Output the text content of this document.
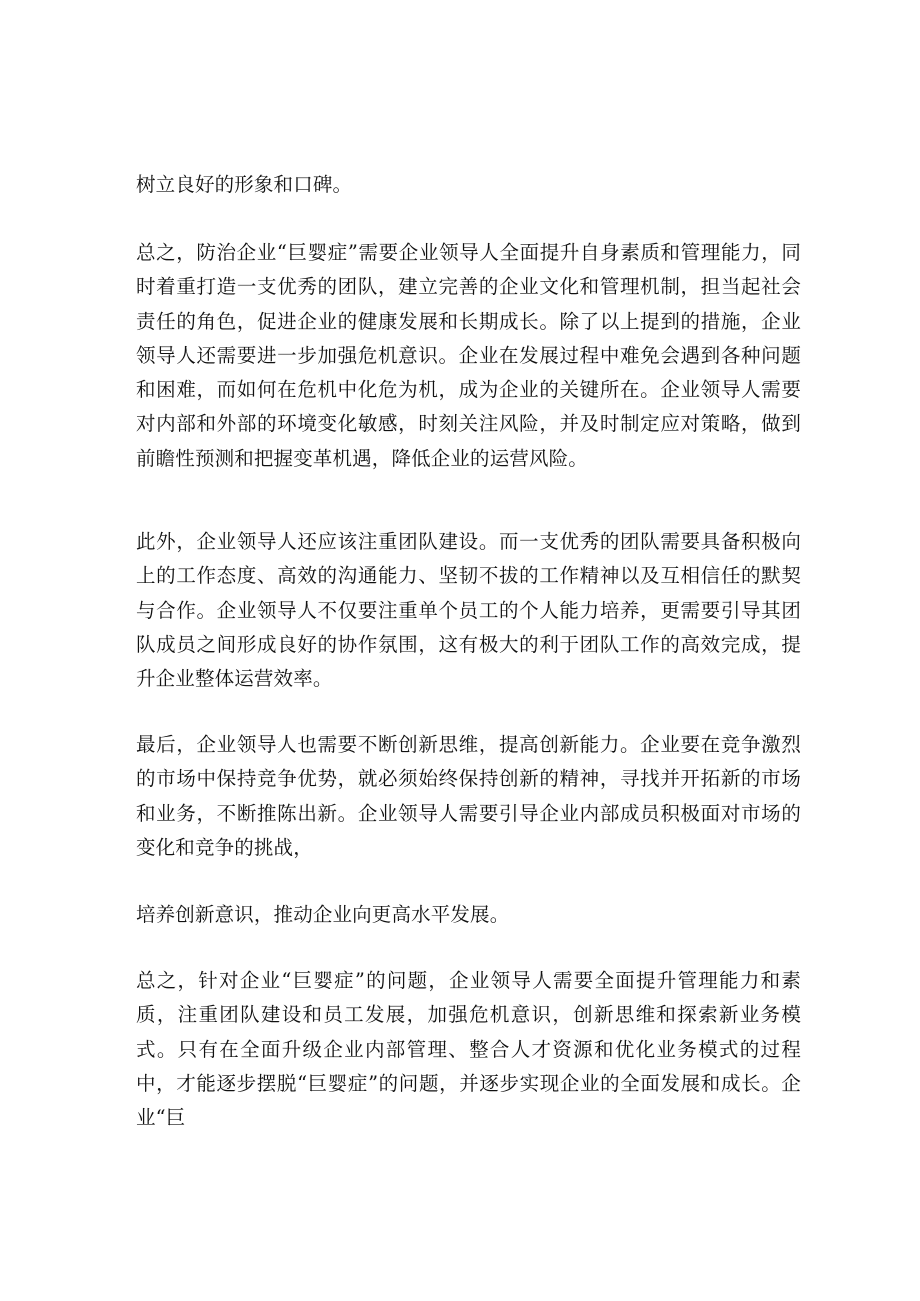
树立良好的形象和口碑。

总之，防治企业“巨婴症”需要企业领导人全面提升自身素质和管理能力，同时着重打造一支优秀的团队，建立完善的企业文化和管理机制，担当起社会责任的角色，促进企业的健康发展和长期成长。除了以上提到的措施，企业领导人还需要进一步加强危机意识。企业在发展过程中难免会遇到各种问题和困难，而如何在危机中化危为机，成为企业的关键所在。企业领导人需要对内部和外部的环境变化敏感，时刻关注风险，并及时制定应对策略，做到前瞻性预测和把握变革机遇，降低企业的运营风险。

此外，企业领导人还应该注重团队建设。而一支优秀的团队需要具备积极向上的工作态度、高效的沟通能力、坚韧不拔的工作精神以及互相信任的默契与合作。企业领导人不仅要注重单个员工的个人能力培养，更需要引导其团队成员之间形成良好的协作氛围，这有极大的利于团队工作的高效完成，提升企业整体运营效率。

最后，企业领导人也需要不断创新思维，提高创新能力。企业要在竞争激烈的市场中保持竞争优势，就必须始终保持创新的精神，寻找并开拓新的市场和业务，不断推陈出新。企业领导人需要引导企业内部成员积极面对市场的变化和竞争的挑战，

培养创新意识，推动企业向更高水平发展。

总之，针对企业“巨婴症”的问题，企业领导人需要全面提升管理能力和素质，注重团队建设和员工发展，加强危机意识，创新思维和探索新业务模式。只有在全面升级企业内部管理、整合人才资源和优化业务模式的过程中，才能逐步摆脱“巨婴症”的问题，并逐步实现企业的全面发展和成长。企业“巨
